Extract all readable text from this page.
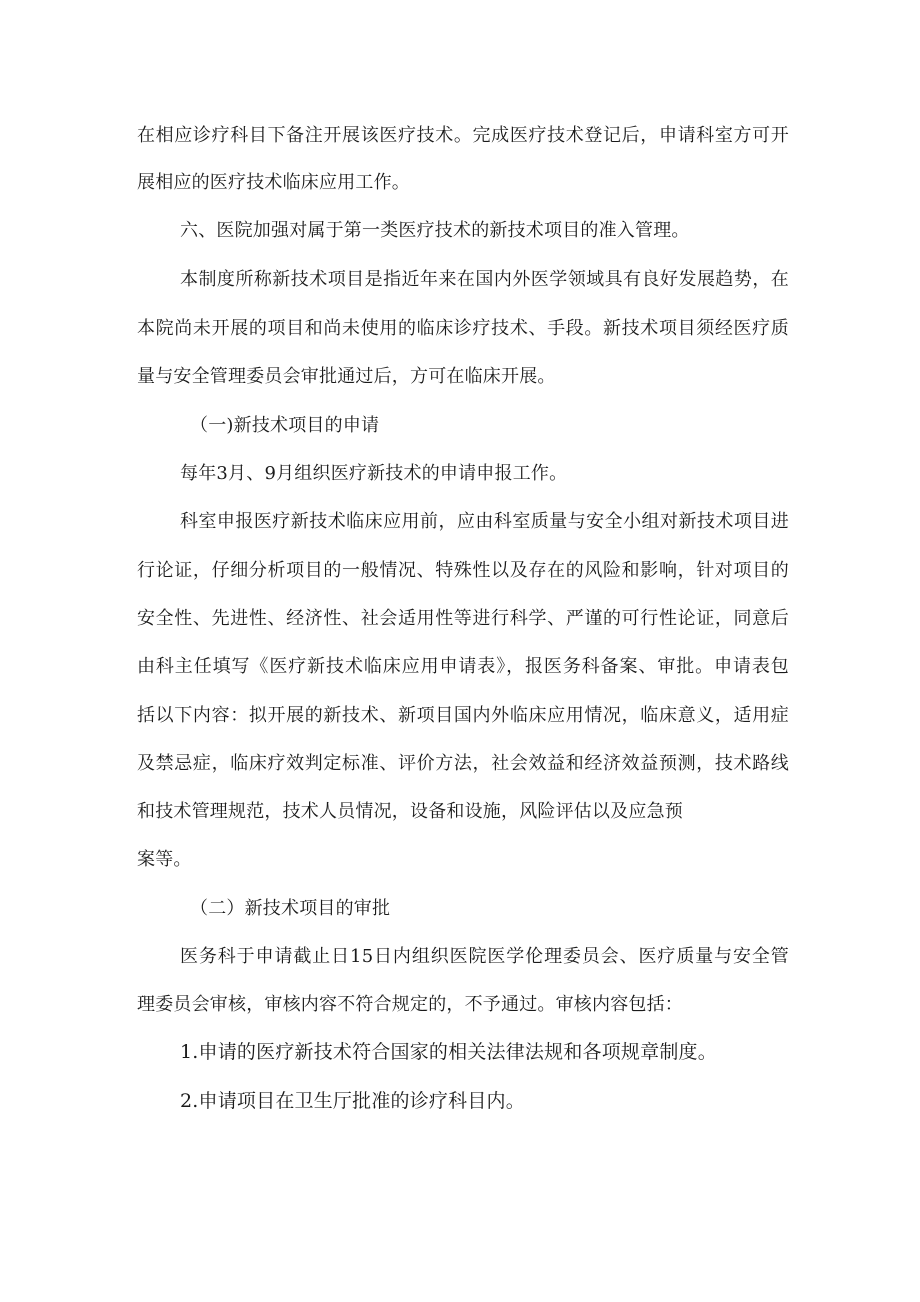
在相应诊疗科目下备注开展该医疗技术。完成医疗技术登记后，申请科室方可开
展相应的医疗技术临床应用工作。
六、医院加强对属于第一类医疗技术的新技术项目的准入管理。
本制度所称新技术项目是指近年来在国内外医学领域具有良好发展趋势，在
本院尚未开展的项目和尚未使用的临床诊疗技术、手段。新技术项目须经医疗质
量与安全管理委员会审批通过后，方可在临床开展。
（一)新技术项目的申请
每年3月、9月组织医疗新技术的申请申报工作。
科室申报医疗新技术临床应用前，应由科室质量与安全小组对新技术项目进
行论证，仔细分析项目的一般情况、特殊性以及存在的风险和影响，针对项目的
安全性、先进性、经济性、社会适用性等进行科学、严谨的可行性论证，同意后
由科主任填写《医疗新技术临床应用申请表》，报医务科备案、审批。申请表包
括以下内容：拟开展的新技术、新项目国内外临床应用情况，临床意义，适用症
及禁忌症，临床疗效判定标准、评价方法，社会效益和经济效益预测，技术路线
和技术管理规范，技术人员情况，设备和设施，风险评估以及应急预
案等。
（二）新技术项目的审批
医务科于申请截止日15日内组织医院医学伦理委员会、医疗质量与安全管
理委员会审核，审核内容不符合规定的，不予通过。审核内容包括：
1.申请的医疗新技术符合国家的相关法律法规和各项规章制度。
2.申请项目在卫生厅批准的诊疗科目内。
